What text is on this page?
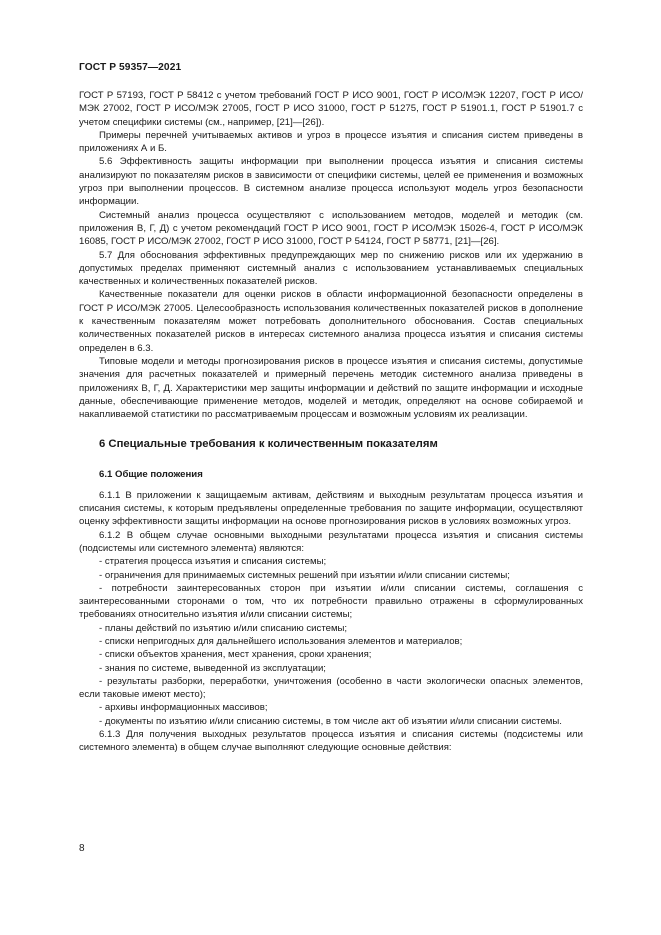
ГОСТ Р 59357—2021

ГОСТ Р 57193, ГОСТ Р 58412 с учетом требований ГОСТ Р ИСО 9001, ГОСТ Р ИСО/МЭК 12207, ГОСТ Р ИСО/МЭК 27002, ГОСТ Р ИСО/МЭК 27005, ГОСТ Р ИСО 31000, ГОСТ Р 51275, ГОСТ Р 51901.1, ГОСТ Р 51901.7 с учетом специфики системы (см., например, [21]—[26]).

Примеры перечней учитываемых активов и угроз в процессе изъятия и списания систем приведены в приложениях А и Б.

5.6 Эффективность защиты информации при выполнении процесса изъятия и списания системы анализируют по показателям рисков в зависимости от специфики системы, целей ее применения и возможных угроз при выполнении процессов. В системном анализе процесса используют модель угроз безопасности информации.

Системный анализ процесса осуществляют с использованием методов, моделей и методик (см. приложения В, Г, Д) с учетом рекомендаций ГОСТ Р ИСО 9001, ГОСТ Р ИСО/МЭК 15026-4, ГОСТ Р ИСО/МЭК 16085, ГОСТ Р ИСО/МЭК 27002, ГОСТ Р ИСО 31000, ГОСТ Р 54124, ГОСТ Р 58771, [21]—[26].

5.7 Для обоснования эффективных предупреждающих мер по снижению рисков или их удержанию в допустимых пределах применяют системный анализ с использованием устанавливаемых специальных качественных и количественных показателей рисков.

Качественные показатели для оценки рисков в области информационной безопасности определены в ГОСТ Р ИСО/МЭК 27005. Целесообразность использования количественных показателей рисков в дополнение к качественным показателям может потребовать дополнительного обоснования. Состав специальных количественных показателей рисков в интересах системного анализа процесса изъятия и списания системы определен в 6.3.

Типовые модели и методы прогнозирования рисков в процессе изъятия и списания системы, допустимые значения для расчетных показателей и примерный перечень методик системного анализа приведены в приложениях В, Г, Д. Характеристики мер защиты информации и действий по защите информации и исходные данные, обеспечивающие применение методов, моделей и методик, определяют на основе собираемой и накапливаемой статистики по рассматриваемым процессам и возможным условиям их реализации.

6 Специальные требования к количественным показателям
6.1 Общие положения

6.1.1 В приложении к защищаемым активам, действиям и выходным результатам процесса изъятия и списания системы, к которым предъявлены определенные требования по защите информации, осуществляют оценку эффективности защиты информации на основе прогнозирования рисков в условиях возможных угроз.

6.1.2 В общем случае основными выходными результатами процесса изъятия и списания системы (подсистемы или системного элемента) являются:

- стратегия процесса изъятия и списания системы;

- ограничения для принимаемых системных решений при изъятии и/или списании системы;

- потребности заинтересованных сторон при изъятии и/или списании системы, соглашения с заинтересованными сторонами о том, что их потребности правильно отражены в сформулированных требованиях относительно изъятия и/или списании системы;

- планы действий по изъятию и/или списанию системы;

- списки непригодных для дальнейшего использования элементов и материалов;

- списки объектов хранения, мест хранения, сроки хранения;

- знания по системе, выведенной из эксплуатации;

- результаты разборки, переработки, уничтожения (особенно в части экологически опасных элементов, если таковые имеют место);

- архивы информационных массивов;

- документы по изъятию и/или списанию системы, в том числе акт об изъятии и/или списании системы.

6.1.3 Для получения выходных результатов процесса изъятия и списания системы (подсистемы или системного элемента) в общем случае выполняют следующие основные действия:

8
